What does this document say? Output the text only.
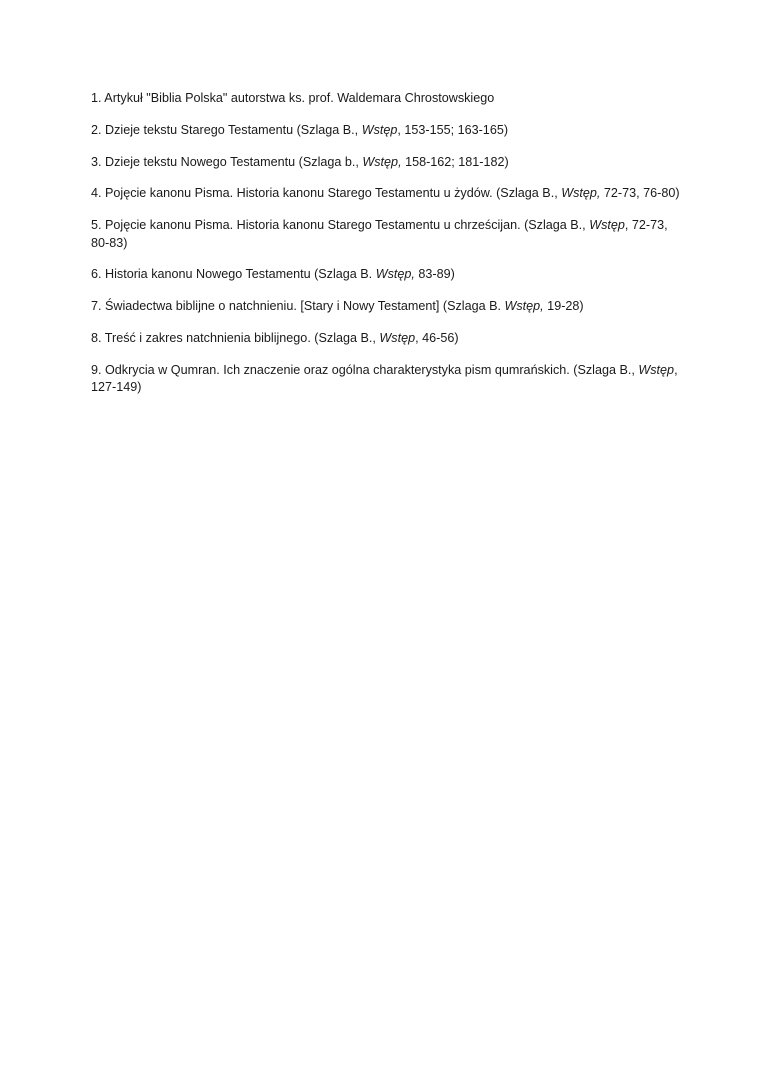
1. Artykuł "Biblia Polska" autorstwa ks. prof. Waldemara Chrostowskiego

2. Dzieje tekstu Starego Testamentu (Szlaga B., Wstęp, 153-155; 163-165)

3. Dzieje tekstu Nowego Testamentu (Szlaga b., Wstęp, 158-162; 181-182)

4. Pojęcie kanonu Pisma. Historia kanonu Starego Testamentu u żydów. (Szlaga B., Wstęp, 72-73, 76-80)

5. Pojęcie kanonu Pisma. Historia kanonu Starego Testamentu u chrześcijan. (Szlaga B., Wstęp, 72-73, 80-83)

6. Historia kanonu Nowego Testamentu (Szlaga B. Wstęp, 83-89)

7. Świadectwa biblijne o natchnieniu. [Stary i Nowy Testament] (Szlaga B. Wstęp, 19-28)

8. Treść i zakres natchnienia biblijnego. (Szlaga B., Wstęp, 46-56)

9. Odkrycia w Qumran. Ich znaczenie oraz ogólna charakterystyka pism qumrańskich. (Szlaga B., Wstęp, 127-149)
